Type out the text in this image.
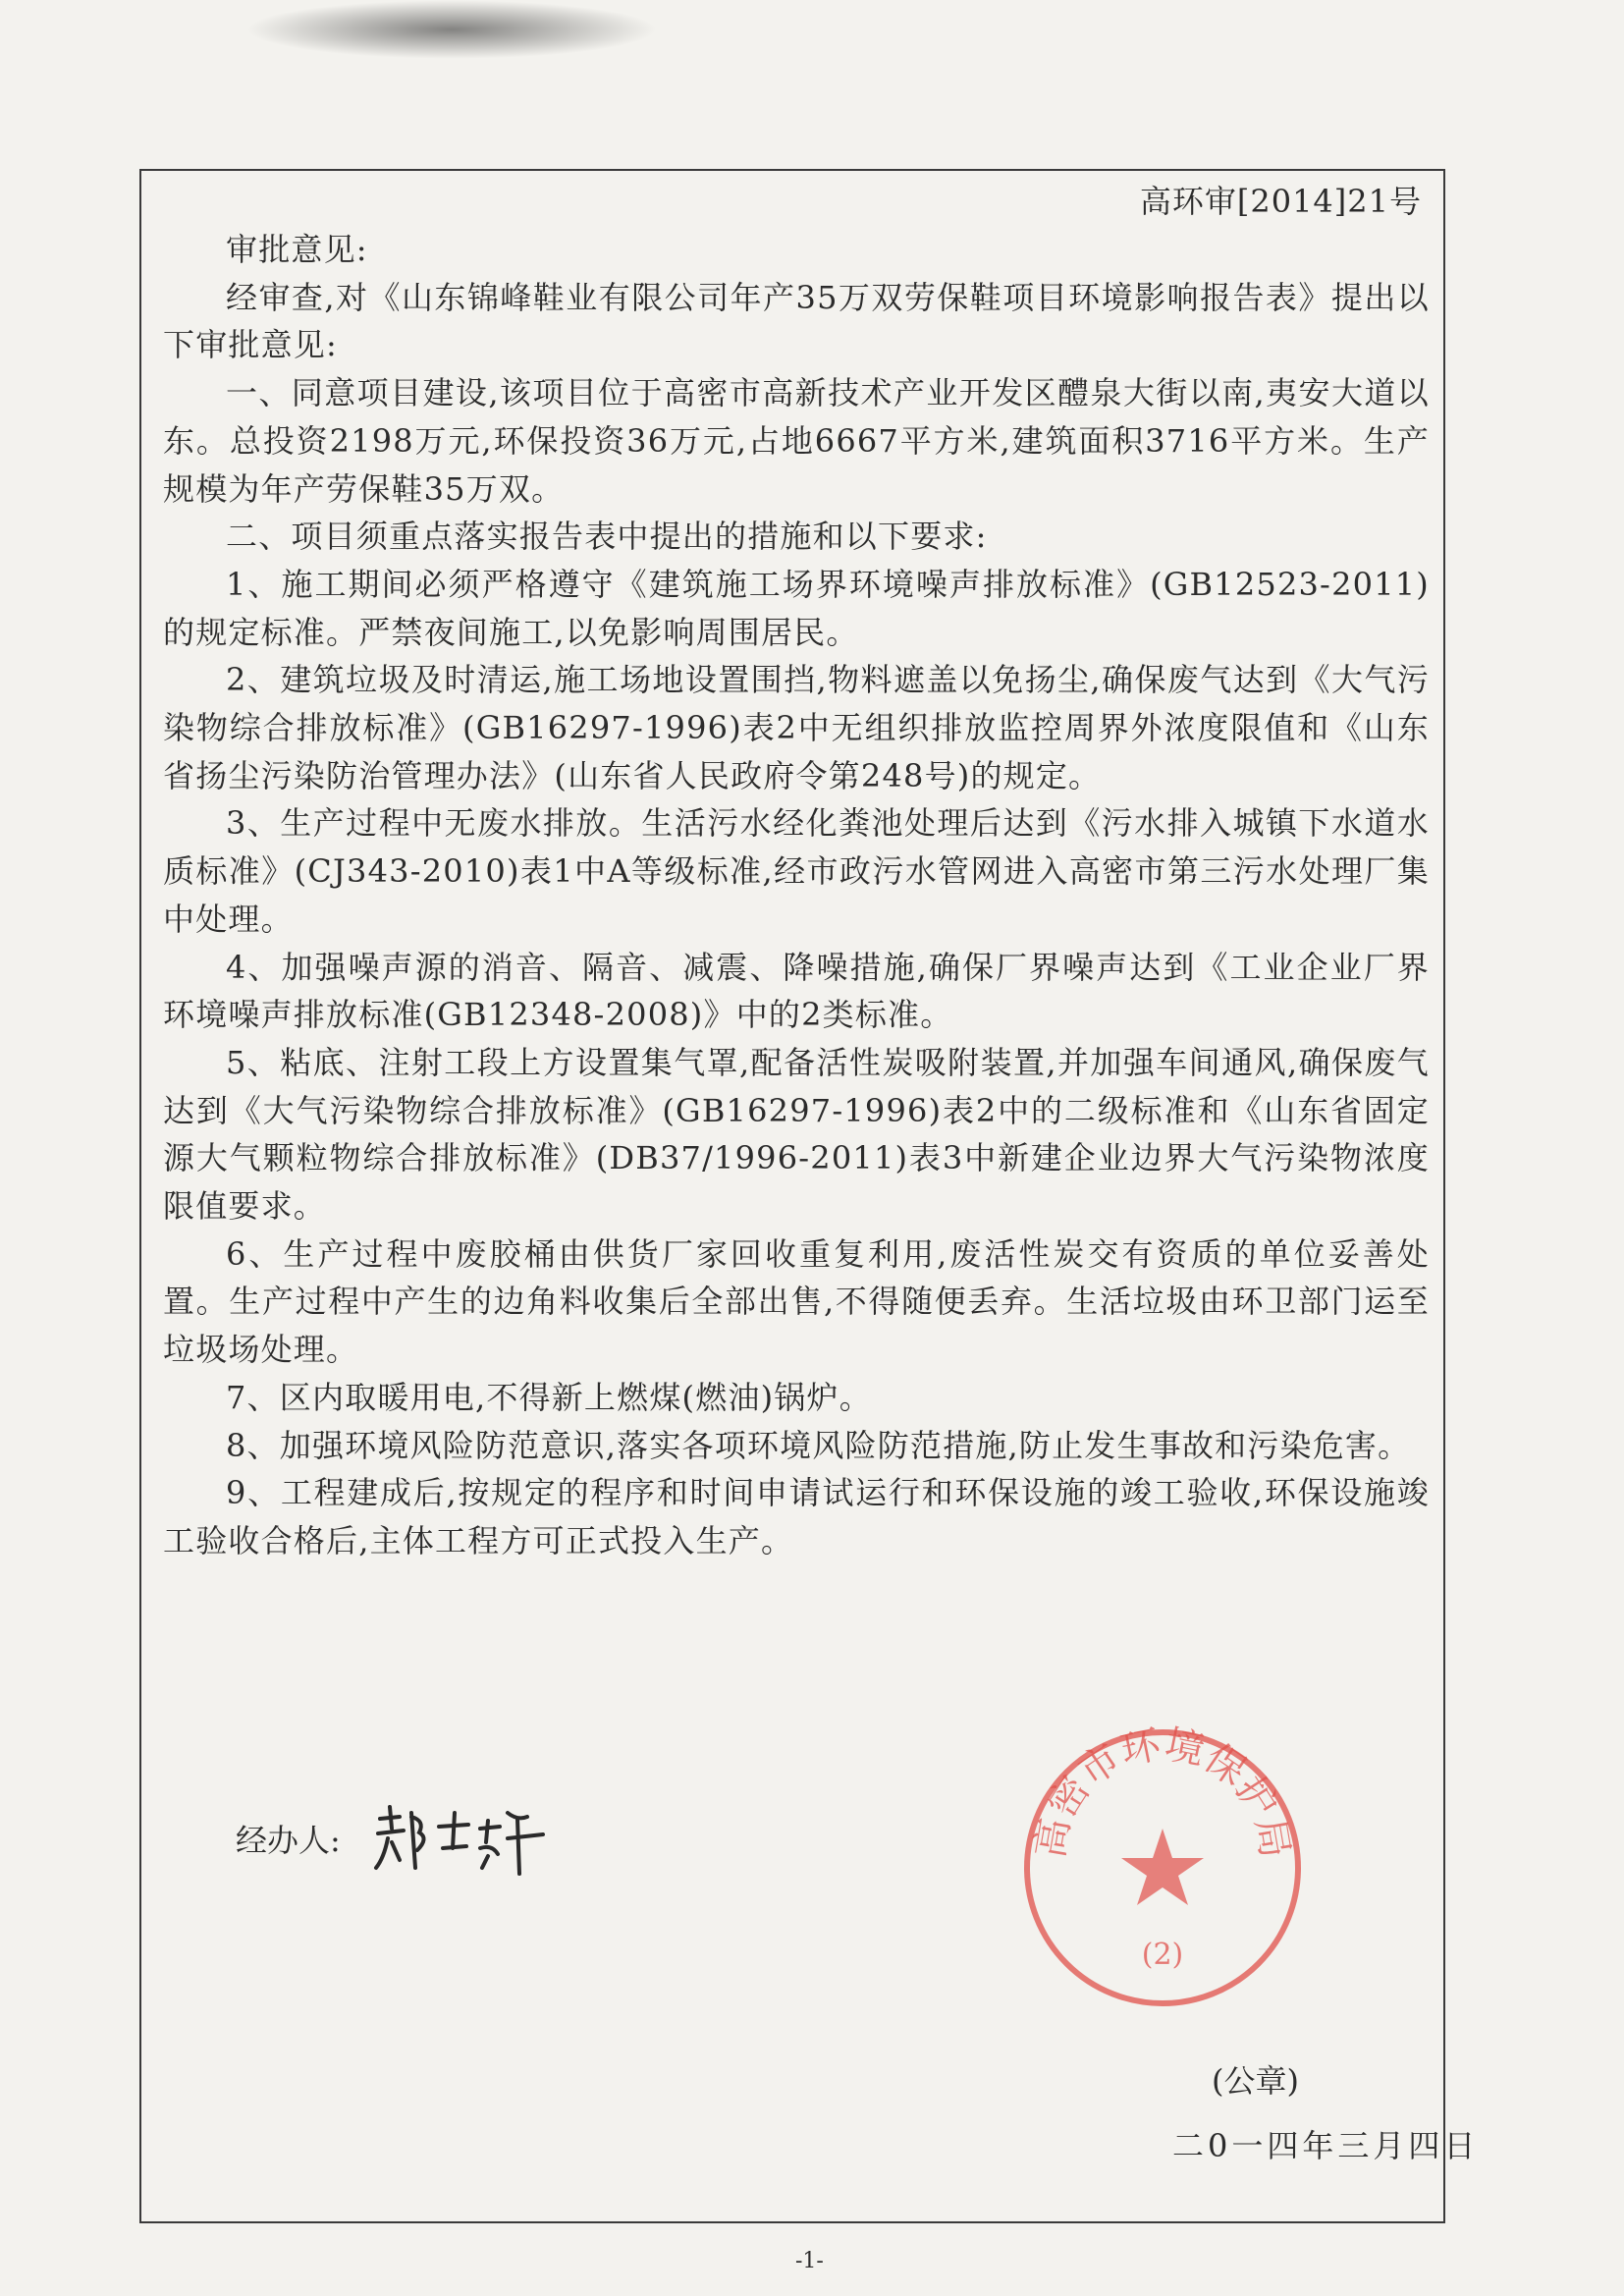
高环审[2014]21号

审批意见:

经审查,对《山东锦峰鞋业有限公司年产35万双劳保鞋项目环境影响报告表》提出以下审批意见:

一、同意项目建设,该项目位于高密市高新技术产业开发区醴泉大街以南,夷安大道以东。总投资2198万元,环保投资36万元,占地6667平方米,建筑面积3716平方米。生产规模为年产劳保鞋35万双。

二、项目须重点落实报告表中提出的措施和以下要求:

1、施工期间必须严格遵守《建筑施工场界环境噪声排放标准》(GB12523-2011)的规定标准。严禁夜间施工,以免影响周围居民。

2、建筑垃圾及时清运,施工场地设置围挡,物料遮盖以免扬尘,确保废气达到《大气污染物综合排放标准》(GB16297-1996)表2中无组织排放监控周界外浓度限值和《山东省扬尘污染防治管理办法》(山东省人民政府令第248号)的规定。

3、生产过程中无废水排放。生活污水经化粪池处理后达到《污水排入城镇下水道水质标准》(CJ343-2010)表1中A等级标准,经市政污水管网进入高密市第三污水处理厂集中处理。

4、加强噪声源的消音、隔音、减震、降噪措施,确保厂界噪声达到《工业企业厂界环境噪声排放标准(GB12348-2008)》中的2类标准。

5、粘底、注射工段上方设置集气罩,配备活性炭吸附装置,并加强车间通风,确保废气达到《大气污染物综合排放标准》(GB16297-1996)表2中的二级标准和《山东省固定源大气颗粒物综合排放标准》(DB37/1996-2011)表3中新建企业边界大气污染物浓度限值要求。

6、生产过程中废胶桶由供货厂家回收重复利用,废活性炭交有资质的单位妥善处置。生产过程中产生的边角料收集后全部出售,不得随便丢弃。生活垃圾由环卫部门运至垃圾场处理。

7、区内取暖用电,不得新上燃煤(燃油)锅炉。

8、加强环境风险防范意识,落实各项环境风险防范措施,防止发生事故和污染危害。

9、工程建成后,按规定的程序和时间申请试运行和环保设施的竣工验收,环保设施竣工验收合格后,主体工程方可正式投入生产。

经办人:	高密市环境保护局
(2)
(公章)
二0一四年三月四日
-1-
